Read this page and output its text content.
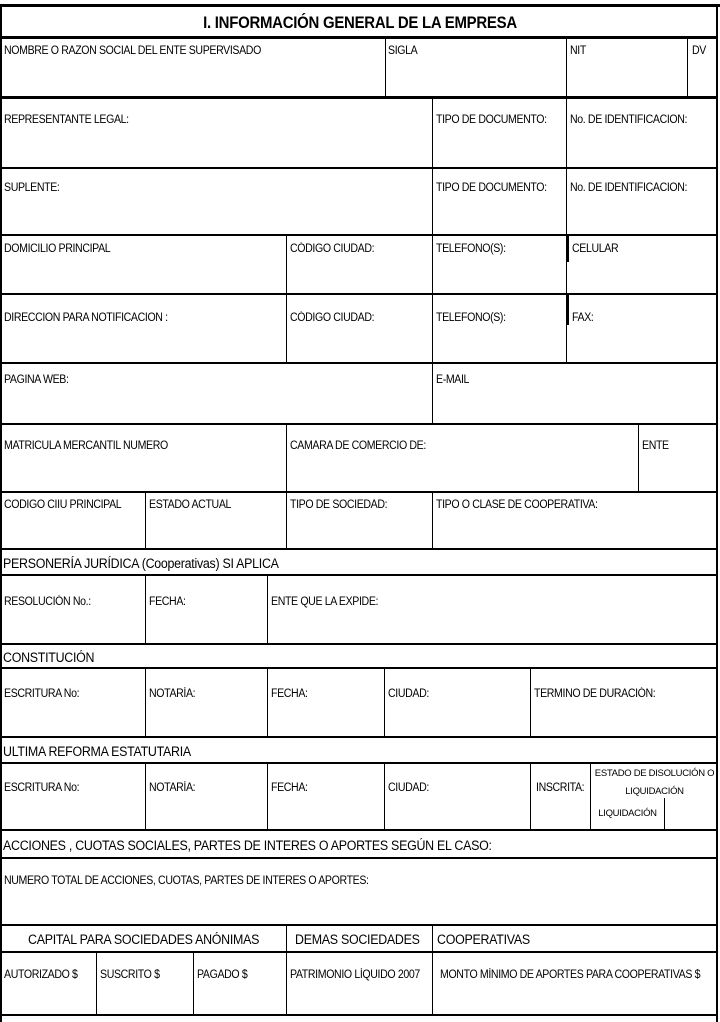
I. INFORMACIÓN GENERAL DE LA EMPRESA
NOMBRE O RAZON SOCIAL DEL ENTE SUPERVISADO	SIGLA	NIT	DV
REPRESENTANTE LEGAL:	TIPO DE DOCUMENTO: No. DE IDENTIFICACION:
SUPLENTE:	TIPO DE DOCUMENTO: No. DE IDENTIFICACION:
DOMICILIO PRINCIPAL	CÓDIGO CIUDAD:	TELEFONO(S):	CELULAR
DIRECCION PARA NOTIFICACION :	CÓDIGO CIUDAD:	TELEFONO(S):	FAX:
PAGINA WEB:	E-MAIL
MATRICULA MERCANTIL NUMERO	CAMARA DE COMERCIO DE:	ENTE
CODIGO CIIU PRINCIPAL ESTADO ACTUAL	TIPO DE SOCIEDAD:	TIPO O CLASE DE COOPERATIVA:
PERSONERÍA JURÍDICA (Cooperativas) SI APLICA
RESOLUCIÓN No.:	FECHA:	ENTE QUE LA EXPIDE:
CONSTITUCIÓN
ESCRITURA No:	NOTARÍA:	FECHA:	CIUDAD:	TERMINO DE DURACIÓN:
ULTIMA REFORMA ESTATUTARIA
ESCRITURA No:	NOTARÍA:	FECHA:	CIUDAD:	INSCRITA:
ESTADO DE DISOLUCIÓN O
LIQUIDACIÓN
LIQUIDACIÓN
ACCIONES , CUOTAS SOCIALES, PARTES DE INTERES O APORTES SEGÚN EL CASO:
NUMERO TOTAL DE ACCIONES, CUOTAS, PARTES DE INTERES O APORTES:
CAPITAL PARA SOCIEDADES ANÓNIMAS	DEMAS SOCIEDADES COOPERATIVAS
AUTORIZADO $ SUSCRITO $	PAGADO $	PATRIMONIO LÍQUIDO 2007 MONTO MÍNIMO DE APORTES PARA COOPERATIVAS $
